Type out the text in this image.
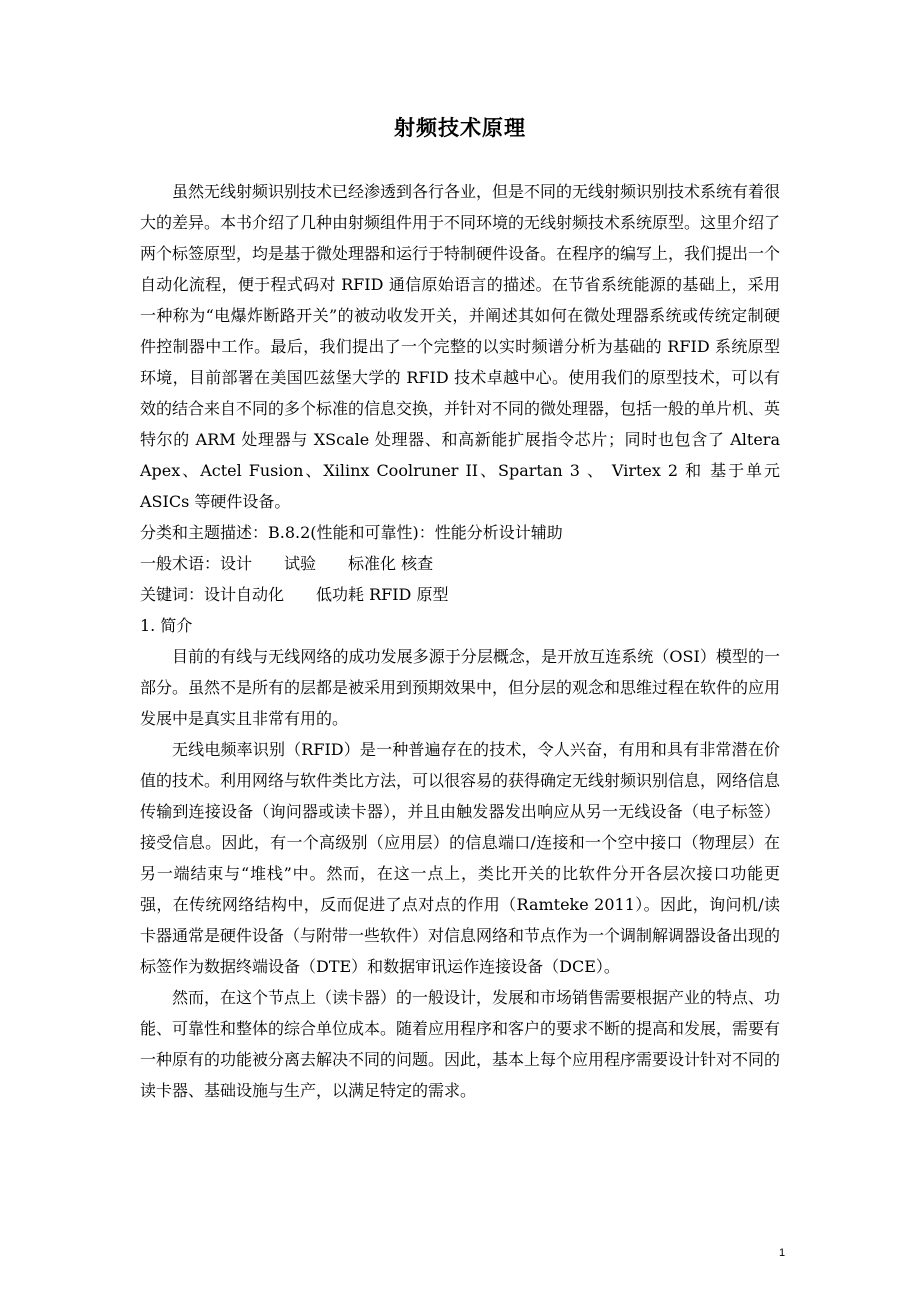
射频技术原理

虽然无线射频识别技术已经渗透到各行各业，但是不同的无线射频识别技术系统有着很大的差异。本书介绍了几种由射频组件用于不同环境的无线射频技术系统原型。这里介绍了两个标签原型，均是基于微处理器和运行于特制硬件设备。在程序的编写上，我们提出一个自动化流程，便于程式码对 RFID 通信原始语言的描述。在节省系统能源的基础上，采用一种称为“电爆炸断路开关”的被动收发开关，并阐述其如何在微处理器系统或传统定制硬件控制器中工作。最后，我们提出了一个完整的以实时频谱分析为基础的 RFID 系统原型环境，目前部署在美国匹兹堡大学的 RFID 技术卓越中心。使用我们的原型技术，可以有效的结合来自不同的多个标准的信息交换，并针对不同的微处理器，包括一般的单片机、英特尔的 ARM 处理器与 XScale 处理器、和高新能扩展指令芯片；同时也包含了 Altera Apex、Actel Fusion、Xilinx Coolruner II、Spartan 3 、 Virtex 2 和 基于单元 ASICs 等硬件设备。

分类和主题描述：B.8.2(性能和可靠性)：性能分析设计辅助

一般术语：设计　　试验　　标准化 核查

关键词：设计自动化　　低功耗 RFID 原型

1. 简介

目前的有线与无线网络的成功发展多源于分层概念，是开放互连系统（OSI）模型的一部分。虽然不是所有的层都是被采用到预期效果中，但分层的观念和思维过程在软件的应用发展中是真实且非常有用的。

无线电频率识别（RFID）是一种普遍存在的技术，令人兴奋，有用和具有非常潜在价值的技术。利用网络与软件类比方法，可以很容易的获得确定无线射频识别信息，网络信息传输到连接设备（询问器或读卡器），并且由触发器发出响应从另一无线设备（电子标签）接受信息。因此，有一个高级别（应用层）的信息端口/连接和一个空中接口（物理层）在另一端结束与“堆栈”中。然而，在这一点上，类比开关的比软件分开各层次接口功能更强，在传统网络结构中，反而促进了点对点的作用（Ramteke 2011）。因此，询问机/读卡器通常是硬件设备（与附带一些软件）对信息网络和节点作为一个调制解调器设备出现的标签作为数据终端设备（DTE）和数据审讯运作连接设备（DCE）。

然而，在这个节点上（读卡器）的一般设计，发展和市场销售需要根据产业的特点、功能、可靠性和整体的综合单位成本。随着应用程序和客户的要求不断的提高和发展，需要有一种原有的功能被分离去解决不同的问题。因此，基本上每个应用程序需要设计针对不同的读卡器、基础设施与生产，以满足特定的需求。

1
